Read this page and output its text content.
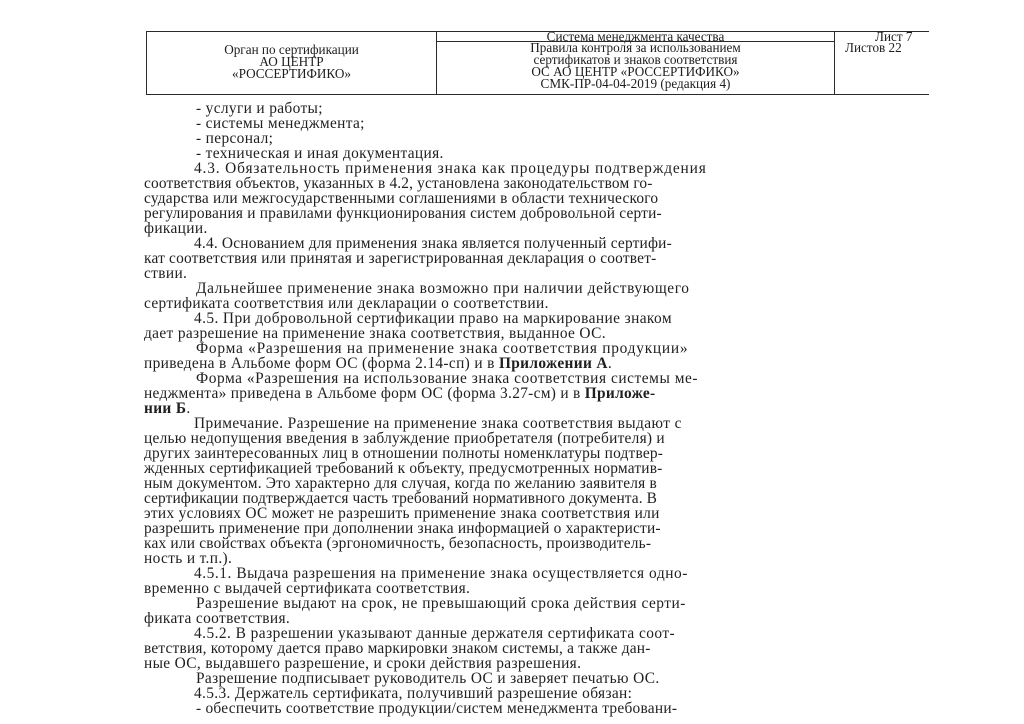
Орган по сертификации
АО ЦЕНТР
«РОССЕРТИФИКО»
Система менеджмента качества
Правила контроля за использованием
сертификатов и знаков соответствия
ОС АО ЦЕНТР «РОССЕРТИФИКО»
СМК-ПР-04-04-2019 (редакция 4)
Лист 7
Листов 22
- услуги и работы;
- системы менеджмента;
- персонал;
- техническая и иная документация.
4.3. Обязательность применения знака как процедуры подтверждения
соответствия объектов, указанных в 4.2, установлена законодательством го-
сударства или межгосударственными соглашениями в области технического
регулирования и правилами функционирования систем добровольной серти-
фикации.
4.4. Основанием для применения знака является полученный сертифи-
кат соответствия или принятая и зарегистрированная декларация о соответ-
ствии.
Дальнейшее применение знака возможно при наличии действующего
сертификата соответствия или декларации о соответствии.
4.5. При добровольной сертификации право на маркирование знаком
дает разрешение на применение знака соответствия, выданное ОС.
Форма «Разрешения на применение знака соответствия продукции»
приведена в Альбоме форм ОС (форма 2.14-сп) и в Приложении А.
Форма «Разрешения на использование знака соответствия системы ме-
неджмента» приведена в Альбоме форм ОС (форма 3.27-см) и в Приложе-
нии Б.
Примечание. Разрешение на применение знака соответствия выдают с
целью недопущения введения в заблуждение приобретателя (потребителя) и
других заинтересованных лиц в отношении полноты номенклатуры подтвер-
жденных сертификацией требований к объекту, предусмотренных норматив-
ным документом. Это характерно для случая, когда по желанию заявителя в
сертификации подтверждается часть требований нормативного документа. В
этих условиях ОС может не разрешить применение знака соответствия или
разрешить применение при дополнении знака информацией о характеристи-
ках или свойствах объекта (эргономичность, безопасность, производитель-
ность и т.п.).
4.5.1. Выдача разрешения на применение знака осуществляется одно-
временно с выдачей сертификата соответствия.
Разрешение выдают на срок, не превышающий срока действия серти-
фиката соответствия.
4.5.2. В разрешении указывают данные держателя сертификата соот-
ветствия, которому дается право маркировки знаком системы, а также дан-
ные ОС, выдавшего разрешение, и сроки действия разрешения.
Разрешение подписывает руководитель ОС и заверяет печатью ОС.
4.5.3. Держатель сертификата, получивший разрешение обязан:
- обеспечить соответствие продукции/систем менеджмента требовани-
